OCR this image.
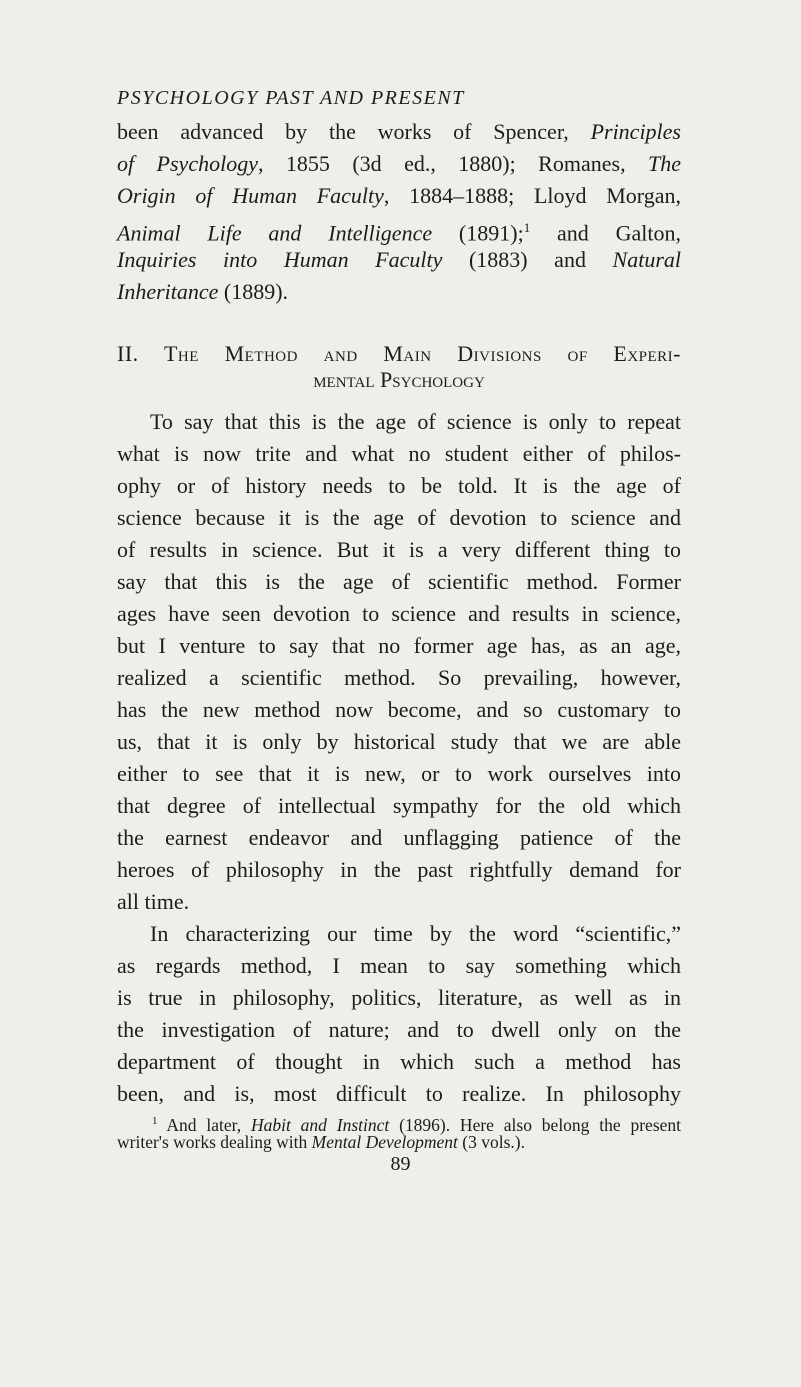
PSYCHOLOGY PAST AND PRESENT
been advanced by the works of Spencer, Principles
of Psychology, 1855 (3d ed., 1880); Romanes, The
Origin of Human Faculty, 1884–1888; Lloyd Morgan,
Animal Life and Intelligence (1891);$^1$ and Galton,
Inquiries into Human Faculty (1883) and Natural
Inheritance (1889).
II. The Method and Main Divisions of Experi-
mental Psychology
To say that this is the age of science is only to repeat
what is now trite and what no student either of philos-
ophy or of history needs to be told. It is the age of
science because it is the age of devotion to science and
of results in science. But it is a very different thing to
say that this is the age of scientific method. Former
ages have seen devotion to science and results in science,
but I venture to say that no former age has, as an age,
realized a scientific method. So prevailing, however,
has the new method now become, and so customary to
us, that it is only by historical study that we are able
either to see that it is new, or to work ourselves into
that degree of intellectual sympathy for the old which
the earnest endeavor and unflagging patience of the
heroes of philosophy in the past rightfully demand for
all time.
In characterizing our time by the word “scientific,”
as regards method, I mean to say something which
is true in philosophy, politics, literature, as well as in
the investigation of nature; and to dwell only on the
department of thought in which such a method has
been, and is, most difficult to realize. In philosophy
$^1$ And later, Habit and Instinct (1896). Here also belong the present
writer's works dealing with Mental Development (3 vols.).
89
